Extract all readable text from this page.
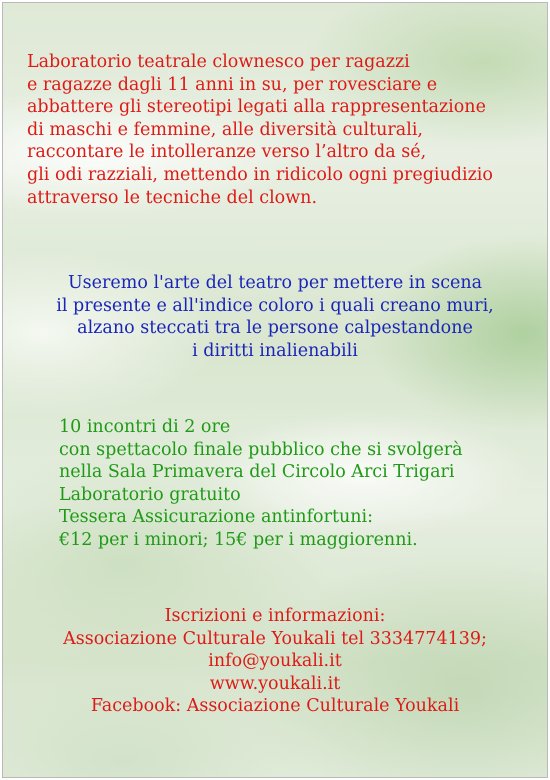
Laboratorio teatrale clownesco per ragazzi
e ragazze dagli 11 anni in su, per rovesciare e
abbattere gli stereotipi legati alla rappresentazione
di maschi e femmine, alle diversità culturali,
raccontare le intolleranze verso l’altro da sé,
gli odi razziali, mettendo in ridicolo ogni pregiudizio
attraverso le tecniche del clown.
Useremo l'arte del teatro per mettere in scena
il presente e all'indice coloro i quali creano muri,
alzano steccati tra le persone calpestandone
i diritti inalienabili
10 incontri di 2 ore
con spettacolo finale pubblico che si svolgerà
nella Sala Primavera del Circolo Arci Trigari
Laboratorio gratuito
Tessera Assicurazione antinfortuni:
€12 per i minori; 15€ per i maggiorenni.
Iscrizioni e informazioni:
Associazione Culturale Youkali tel 3334774139;
info@youkali.it
www.youkali.it
Facebook: Associazione Culturale Youkali
